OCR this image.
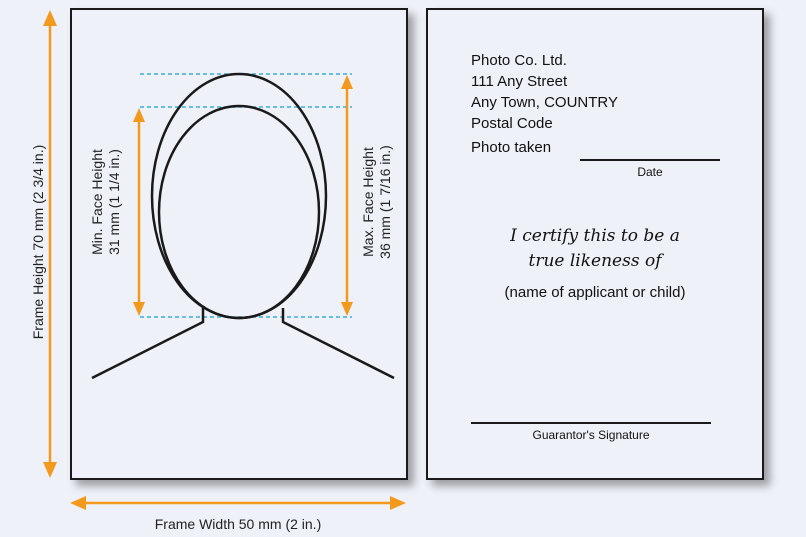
Frame Height 70 mm (2 3/4 in.)
Frame Width 50 mm (2 in.)
Min. Face Height 31 mm (1 1/4 in.)	Max. Face Height 36 mm (1 7/16 in.)
Photo Co. Ltd.
111 Any Street
Any Town, COUNTRY
Postal Code
Photo taken
Date
I certify this to be a
true likeness of
(name of applicant or child)
Guarantor's Signature
